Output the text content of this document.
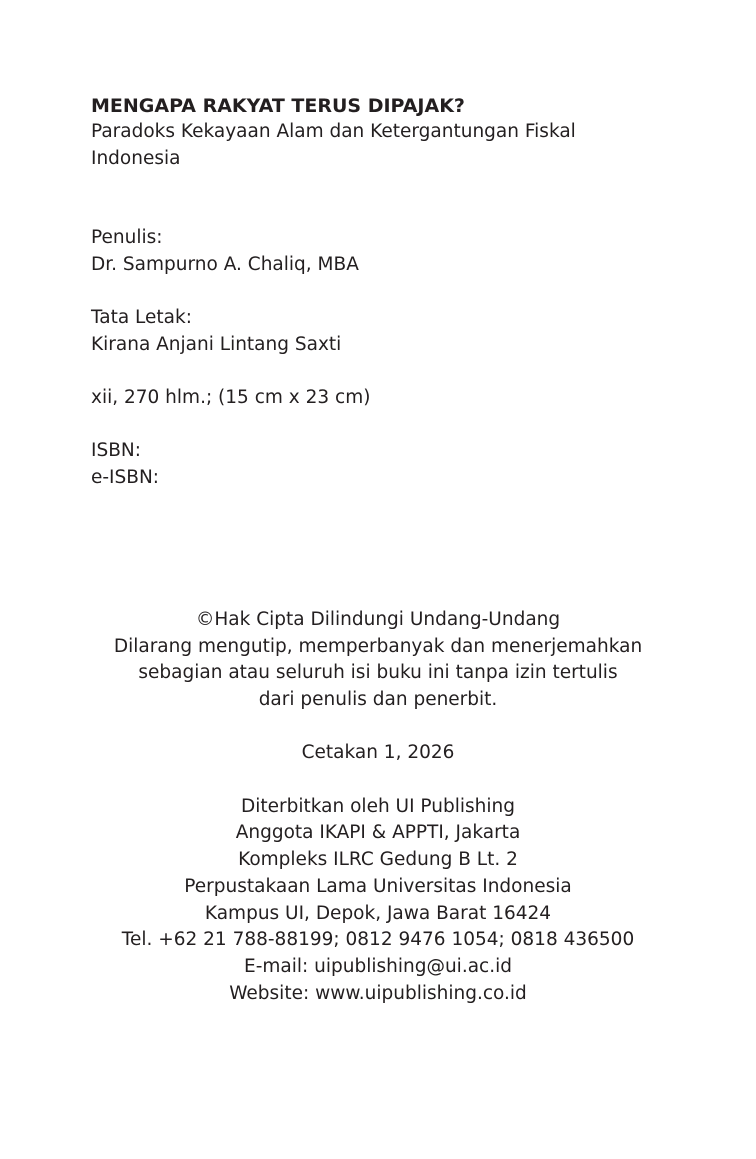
MENGAPA RAKYAT TERUS DIPAJAK?

Paradoks Kekayaan Alam dan Ketergantungan Fiskal Indonesia

Penulis:
Dr. Sampurno A. Chaliq, MBA
Tata Letak:
Kirana Anjani Lintang Saxti
xii, 270 hlm.; (15 cm x 23 cm)
ISBN:
e-ISBN:
©Hak Cipta Dilindungi Undang-Undang
Dilarang mengutip, memperbanyak dan menerjemahkan
sebagian atau seluruh isi buku ini tanpa izin tertulis
dari penulis dan penerbit.
Cetakan 1, 2026
Diterbitkan oleh UI Publishing
Anggota IKAPI & APPTI, Jakarta
Kompleks ILRC Gedung B Lt. 2
Perpustakaan Lama Universitas Indonesia
Kampus UI, Depok, Jawa Barat 16424
Tel. +62 21 788-88199; 0812 9476 1054; 0818 436500
E-mail: uipublishing@ui.ac.id
Website: www.uipublishing.co.id
